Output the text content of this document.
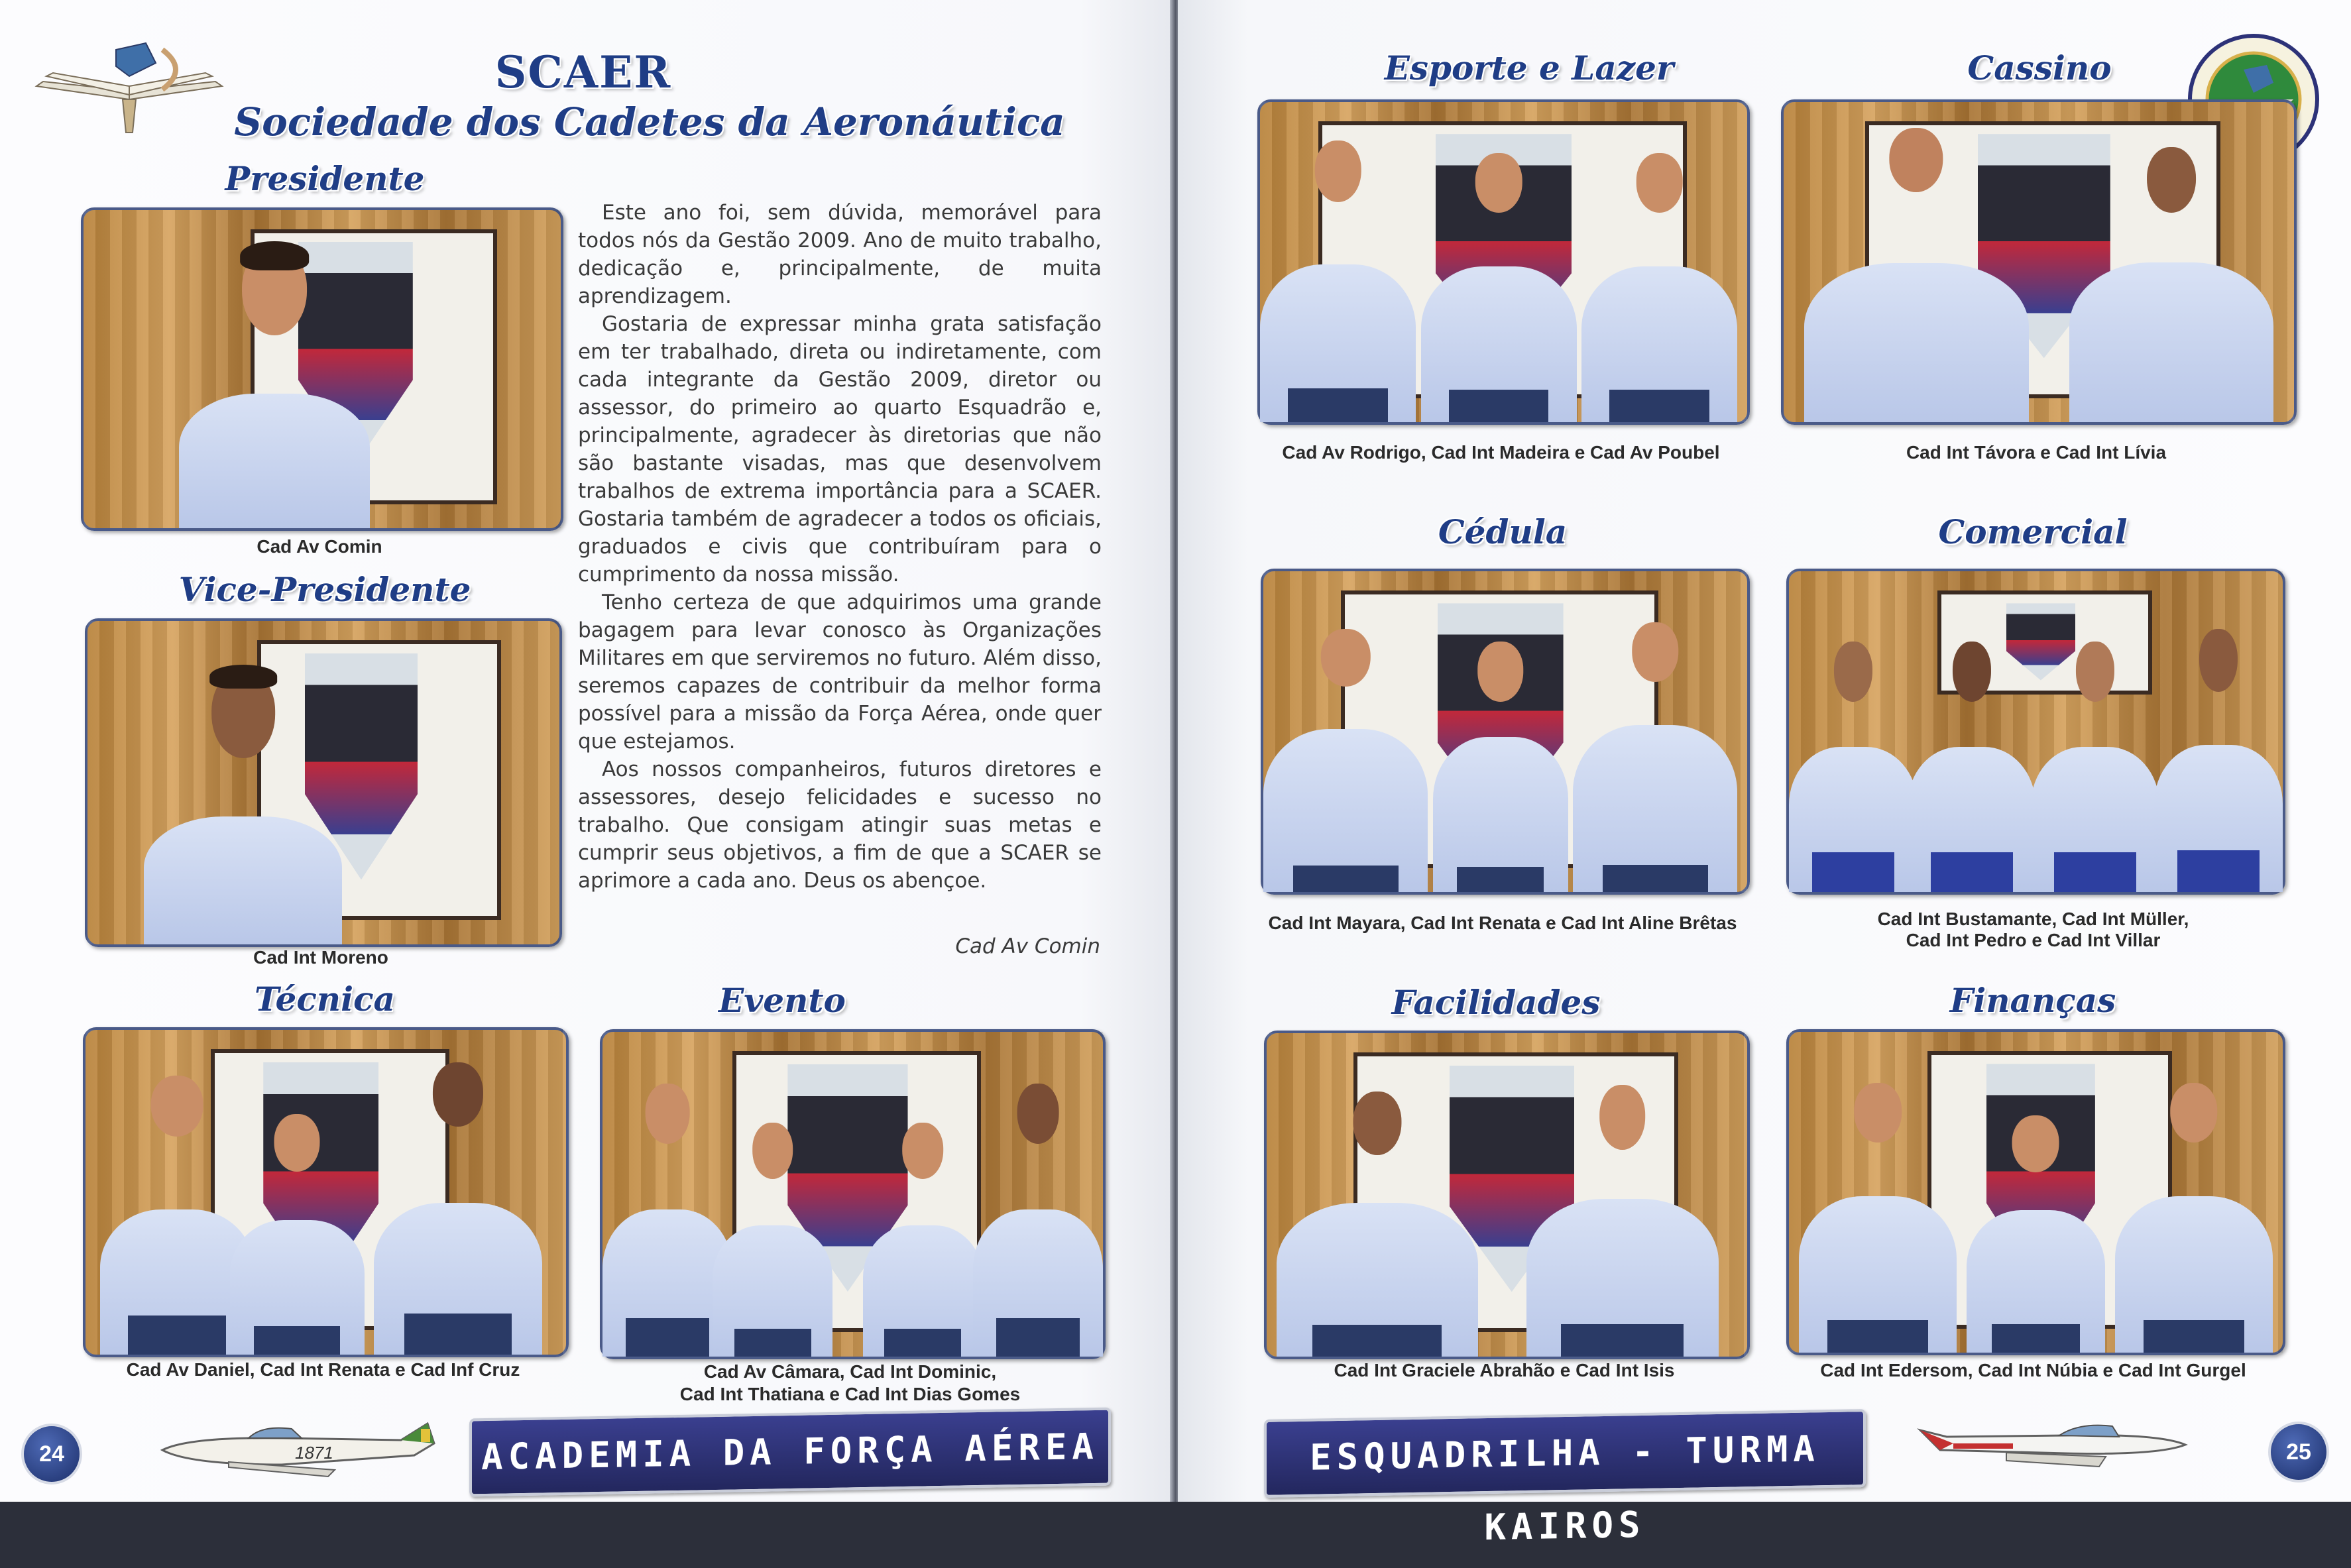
SCAER
Sociedade dos Cadetes da Aeronáutica
Presidente
Cad Av Comin
Vice-Presidente
Cad Int Moreno

Este ano foi, sem dúvida, memorável para todos nós da Gestão 2009. Ano de muito trabalho, dedicação e, principalmente, de muita aprendizagem.

Gostaria de expressar minha grata satisfação em ter trabalhado, direta ou indiretamente, com cada integrante da Gestão 2009, diretor ou assessor, do primeiro ao quarto Esquadrão e, principalmente, agradecer às diretorias que não são bastante visadas, mas que desenvolvem trabalhos de extrema importância para a SCAER. Gostaria também de agradecer a todos os oficiais, graduados e civis que contribuíram para o cumprimento da nossa missão.

Tenho certeza de que adquirimos uma grande bagagem para levar conosco às Organizações Militares em que serviremos no futuro. Além disso, seremos capazes de contribuir da melhor forma possível para a missão da Força Aérea, onde quer que estejamos.

Aos nossos companheiros, futuros diretores e assessores, desejo felicidades e sucesso no trabalho. Que consigam atingir suas metas e cumprir seus objetivos, a fim de que a SCAER se aprimore a cada ano. Deus os abençoe.

Cad Av Comin
Técnica
Cad Av Daniel, Cad Int Renata e Cad Inf Cruz
Evento
Cad Av Câmara, Cad Int Dominic,
Cad Int Thatiana e Cad Int Dias Gomes
24	1871	ACADEMIA DA FORÇA AÉREA
Esporte e Lazer
Cad Av Rodrigo, Cad Int Madeira e Cad Av Poubel
Cassino
Cad Int Távora e Cad Int Lívia
Cédula
Cad Int Mayara, Cad Int Renata e Cad Int Aline Brêtas
Comercial
Cad Int Bustamante, Cad Int Müller,
Cad Int Pedro e Cad Int Villar
Facilidades
Cad Int Graciele Abrahão e Cad Int Isis
Finanças
Cad Int Edersom, Cad Int Núbia e Cad Int Gurgel
ESQUADRILHA - TURMA KAIROS
25
